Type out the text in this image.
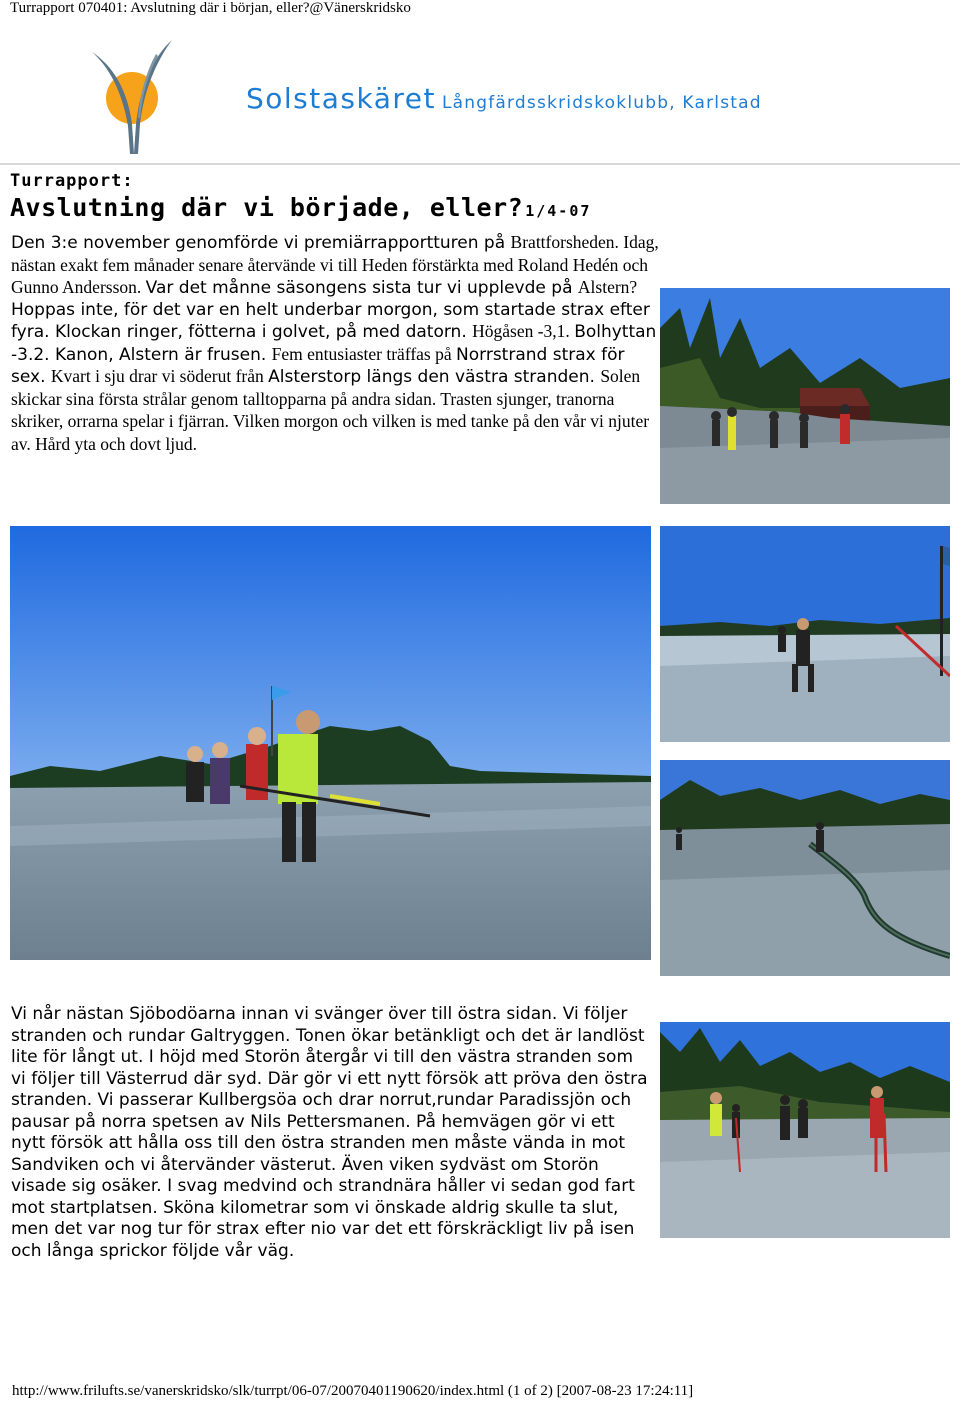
Turrapport 070401: Avslutning där i början, eller?@Vänerskridsko
Solstaskäret Långfärdsskridskoklubb, Karlstad
Turrapport:
Avslutning där vi började, eller? 1/4-07
Den 3:e november genomförde vi premiärrapportturen på Brattforsheden. Idag, nästan exakt fem månader senare återvände vi till Heden förstärkta med Roland Hedén och Gunno Andersson. Var det månne säsongens sista tur vi upplevde på Alstern? Hoppas inte, för det var en helt underbar morgon, som startade strax efter fyra. Klockan ringer, fötterna i golvet, på med datorn. Högåsen -3,1. Bolhyttan -3.2. Kanon, Alstern är frusen. Fem entusiaster träffas på Norrstrand strax för sex. Kvart i sju drar vi söderut från Alsterstorp längs den västra stranden. Solen skickar sina första strålar genom talltopparna på andra sidan. Trasten sjunger, tranorna skriker, orrarna spelar i fjärran. Vilken morgon och vilken is med tanke på den vår vi njuter av. Hård yta och dovt ljud.
Vi når nästan Sjöbodöarna innan vi svänger över till östra sidan. Vi följer stranden och rundar Galtryggen. Tonen ökar betänkligt och det är landlöst lite för långt ut. I höjd med Storön återgår vi till den västra stranden som vi följer till Västerrud där syd. Där gör vi ett nytt försök att pröva den östra stranden. Vi passerar Kullbergsöa och drar norrut,rundar Paradissjön och pausar på norra spetsen av Nils Pettersmanen. På hemvägen gör vi ett nytt försök att hålla oss till den östra stranden men måste vända in mot Sandviken och vi återvänder västerut. Även viken sydväst om Storön visade sig osäker. I svag medvind och strandnära håller vi sedan god fart mot startplatsen. Sköna kilometrar som vi önskade aldrig skulle ta slut, men det var nog tur för strax efter nio var det ett förskräckligt liv på isen och långa sprickor följde vår väg.
http://www.frilufts.se/vanerskridsko/slk/turrpt/06-07/20070401190620/index.html (1 of 2) [2007-08-23 17:24:11]
